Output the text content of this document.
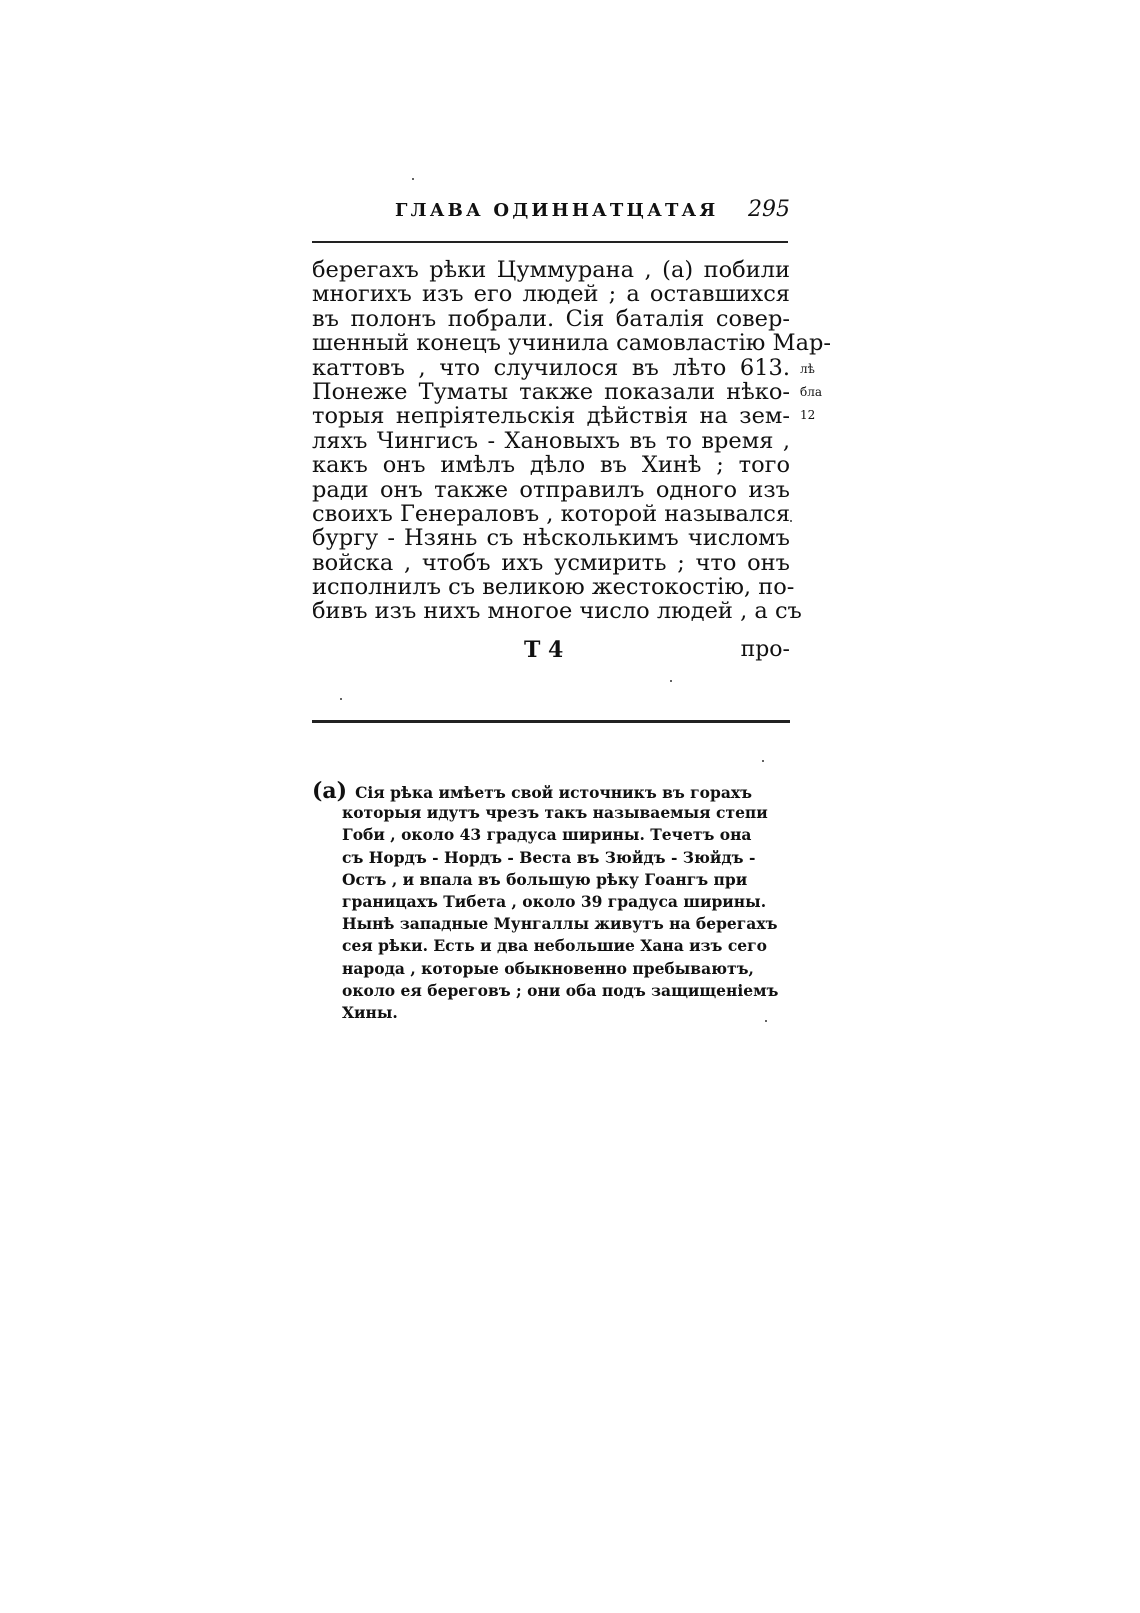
ГЛАВА ОДИННАТЦАТАЯ 295
берегахъ рѣки Цуммурана , (a) побили
многихъ изъ его людей ; а оставшихся
въ полонъ побрали. Сiя баталiя совер-
шенный конецъ учинила самовластiю Мар-
каттовъ , что случилося въ лѣто 613.
Понеже Туматы также показали нѣко-
торыя непрiятельскiя дѣйствiя на зем-
ляхъ Чингисъ - Хановыхъ въ то время ,
какъ онъ имѣлъ дѣло въ Хинѣ ; того
ради онъ также отправилъ одного изъ
своихъ Генераловъ , которой назывался
бургу - Нзянь съ нѣсколькимъ числомъ
войска , чтобъ ихъ усмирить ; что онъ
исполнилъ съ великою жестокостiю, по-
бивъ изъ нихъ многое число людей , а съ
лѣ
бла
12
Т 4	про-
(a) Сiя рѣка имѣетъ свой источникъ въ горахъ
которыя идутъ чрезъ такъ называемыя степи
Гоби , около 43 градуса ширины. Течетъ она
съ Нордъ - Нордъ - Веста въ Зюйдъ - Зюйдъ -
Остъ , и впала въ большую рѣку Гоангъ при
границахъ Тибета , около 39 градуса ширины.
Нынѣ западные Мунгаллы живутъ на берегахъ
сея рѣки. Есть и два небольшие Хана изъ сего
народа , которые обыкновенно пребываютъ,
около ея береговъ ; они оба подъ защищенiемъ
Хины.
